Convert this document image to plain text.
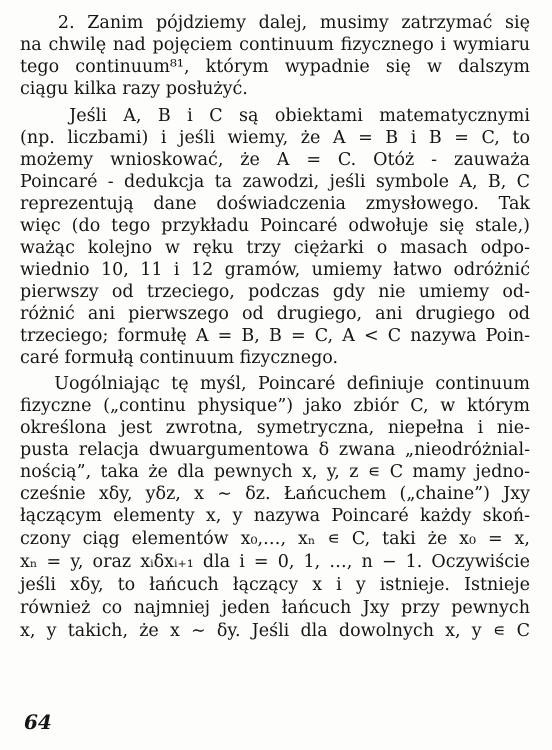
2. Zanim pójdziemy dalej, musimy zatrzymać się

na chwilę nad pojęciem continuum fizycznego i wymiaru

tego continuum⁸¹, którym wypadnie się w dalszym

ciągu kilka razy posłużyć.

Jeśli A, B i C są obiektami matematycznymi

(np. liczbami) i jeśli wiemy, że A = B i B = C, to

możemy wnioskować, że A = C. Otóż - zauważa

Poincaré - dedukcja ta zawodzi, jeśli symbole A, B, C

reprezentują dane doświadczenia zmysłowego. Tak

więc (do tego przykładu Poincaré odwołuje się stale,)

ważąc kolejno w ręku trzy ciężarki o masach odpo-

wiednio 10, 11 i 12 gramów, umiemy łatwo odróżnić

pierwszy od trzeciego, podczas gdy nie umiemy od-

różnić ani pierwszego od drugiego, ani drugiego od

trzeciego; formułę A = B, B = C, A < C nazywa Poin-

caré formułą continuum fizycznego.

Uogólniając tę myśl, Poincaré definiuje continuum

fizyczne („continu physique”) jako zbiór C, w którym

określona jest zwrotna, symetryczna, niepełna i nie-

pusta relacja dwuargumentowa δ zwana „nieodróżnial-

nością”, taka że dla pewnych x, y, z ∊ C mamy jedno-

cześnie xδy, yδz, x ∼ δz. Łańcuchem („chaine”) Jxy

łączącym elementy x, y nazywa Poincaré każdy skoń-

czony ciąg elementów x₀,…, xₙ ∊ C, taki że x₀ = x,

xₙ = y, oraz xᵢδxᵢ₊₁ dla i = 0, 1, …, n − 1. Oczywiście

jeśli xδy, to łańcuch łączący x i y istnieje. Istnieje

również co najmniej jeden łańcuch Jxy przy pewnych

x, y takich, że x ∼ δy. Jeśli dla dowolnych x, y ∊ C

64
